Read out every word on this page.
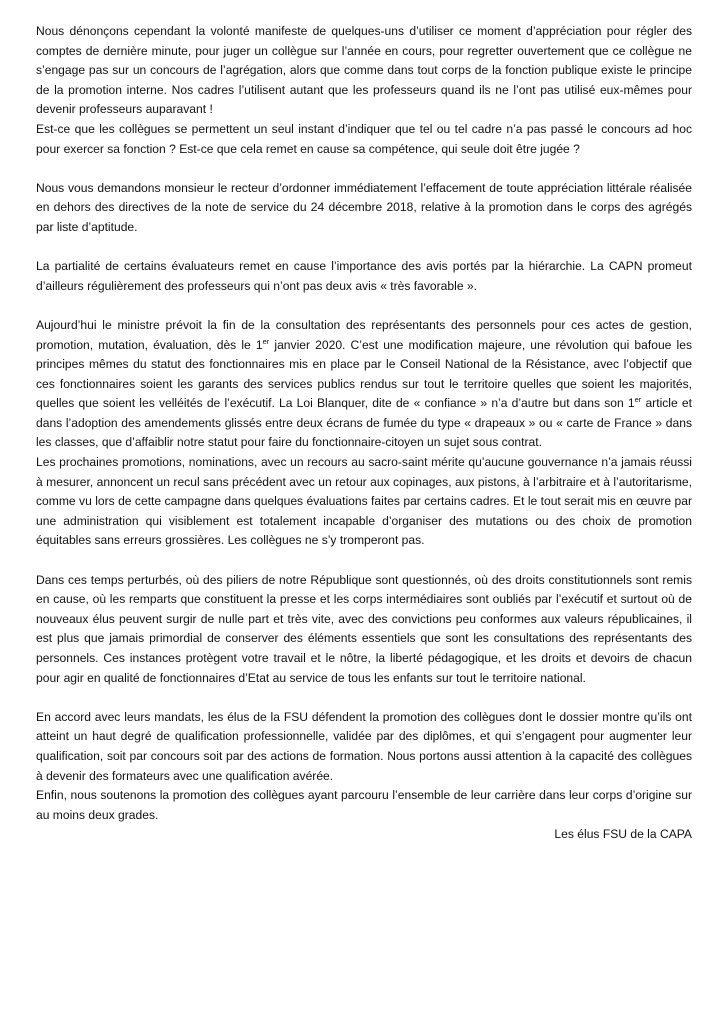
Nous dénonçons cependant la volonté manifeste de quelques-uns d’utiliser ce moment d’appréciation pour régler des comptes de dernière minute, pour juger un collègue sur l’année en cours, pour regretter ouvertement que ce collègue ne s’engage pas sur un concours de l’agrégation, alors que comme dans tout corps de la fonction publique existe le principe de la promotion interne. Nos cadres l’utilisent autant que les professeurs quand ils ne l’ont pas utilisé eux-mêmes pour devenir professeurs auparavant !

Est-ce que les collègues se permettent un seul instant d’indiquer que tel ou tel cadre n’a pas passé le concours ad hoc pour exercer sa fonction ? Est-ce que cela remet en cause sa compétence, qui seule doit être jugée ?

Nous vous demandons monsieur le recteur d’ordonner immédiatement l’effacement de toute appréciation littérale réalisée en dehors des directives de la note de service du 24 décembre 2018, relative à la promotion dans le corps des agrégés par liste d’aptitude.

La partialité de certains évaluateurs remet en cause l’importance des avis portés par la hiérarchie. La CAPN promeut d’ailleurs régulièrement des professeurs qui n’ont pas deux avis « très favorable ».

Aujourd’hui le ministre prévoit la fin de la consultation des représentants des personnels pour ces actes de gestion, promotion, mutation, évaluation, dès le 1er janvier 2020. C’est une modification majeure, une révolution qui bafoue les principes mêmes du statut des fonctionnaires mis en place par le Conseil National de la Résistance, avec l’objectif que ces fonctionnaires soient les garants des services publics rendus sur tout le territoire quelles que soient les majorités, quelles que soient les velléités de l’exécutif. La Loi Blanquer, dite de « confiance » n’a d’autre but dans son 1er article et dans l’adoption des amendements glissés entre deux écrans de fumée du type « drapeaux » ou « carte de France » dans les classes, que d’affaiblir notre statut pour faire du fonctionnaire-citoyen un sujet sous contrat.

Les prochaines promotions, nominations, avec un recours au sacro-saint mérite qu’aucune gouvernance n’a jamais réussi à mesurer, annoncent un recul sans précédent avec un retour aux copinages, aux pistons, à l’arbitraire et à l’autoritarisme, comme vu lors de cette campagne dans quelques évaluations faites par certains cadres. Et le tout serait mis en œuvre par une administration qui visiblement est totalement incapable d’organiser des mutations ou des choix de promotion équitables sans erreurs grossières. Les collègues ne s’y tromperont pas.

Dans ces temps perturbés, où des piliers de notre République sont questionnés, où des droits constitutionnels sont remis en cause, où les remparts que constituent la presse et les corps intermédiaires sont oubliés par l’exécutif et surtout où de nouveaux élus peuvent surgir de nulle part et très vite, avec des convictions peu conformes aux valeurs républicaines, il est plus que jamais primordial de conserver des éléments essentiels que sont les consultations des représentants des personnels. Ces instances protègent votre travail et le nôtre, la liberté pédagogique, et les droits et devoirs de chacun pour agir en qualité de fonctionnaires d’Etat au service de tous les enfants sur tout le territoire national.

En accord avec leurs mandats, les élus de la FSU défendent la promotion des collègues dont le dossier montre qu’ils ont atteint un haut degré de qualification professionnelle, validée par des diplômes, et qui s’engagent pour augmenter leur qualification, soit par concours soit par des actions de formation. Nous portons aussi attention à la capacité des collègues à devenir des formateurs avec une qualification avérée.

Enfin, nous soutenons la promotion des collègues ayant parcouru l’ensemble de leur carrière dans leur corps d’origine sur au moins deux grades.

Les élus FSU de la CAPA
